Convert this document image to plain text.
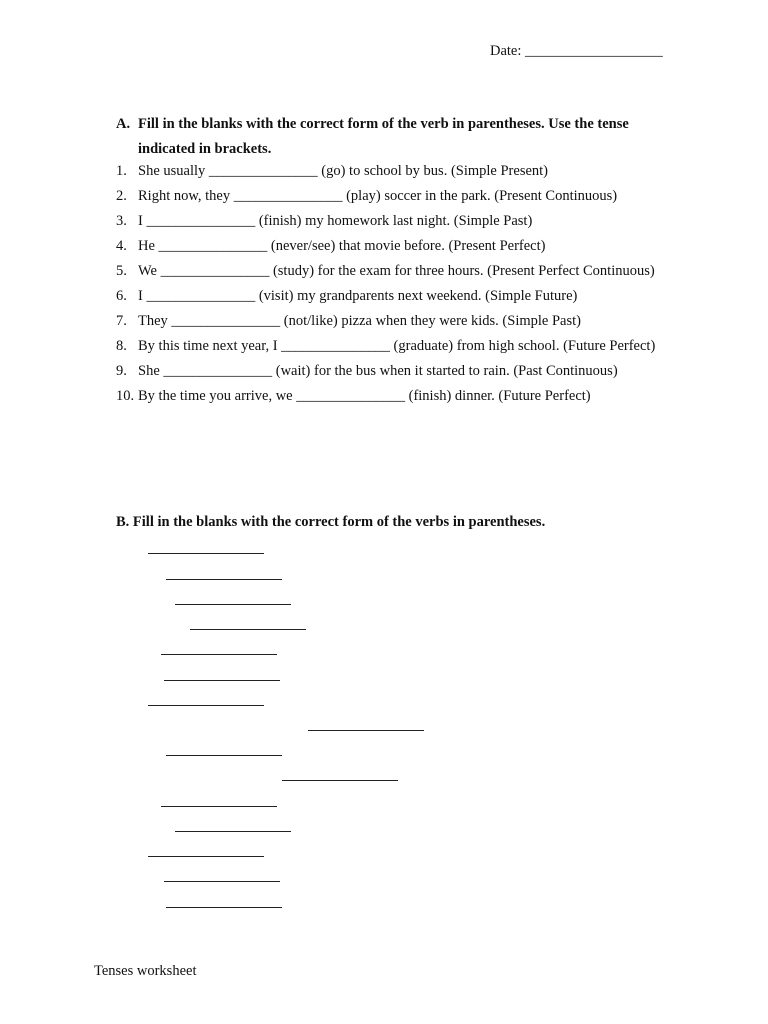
Date: ___________________
A. Fill in the blanks with the correct form of the verb in parentheses. Use the tense indicated in brackets.
1. She usually _______________ (go) to school by bus. (Simple Present)
2. Right now, they _______________ (play) soccer in the park. (Present Continuous)
3. I _______________ (finish) my homework last night. (Simple Past)
4. He _______________ (never/see) that movie before. (Present Perfect)
5. We _______________ (study) for the exam for three hours. (Present Perfect Continuous)
6. I _______________ (visit) my grandparents next weekend. (Simple Future)
7. They _______________ (not/like) pizza when they were kids. (Simple Past)
8. By this time next year, I _______________ (graduate) from high school. (Future Perfect)
9. She _______________ (wait) for the bus when it started to rain. (Past Continuous)
10. By the time you arrive, we _______________ (finish) dinner. (Future Perfect)
B. Fill in the blanks with the correct form of the verbs in parentheses.
Tenses worksheet
